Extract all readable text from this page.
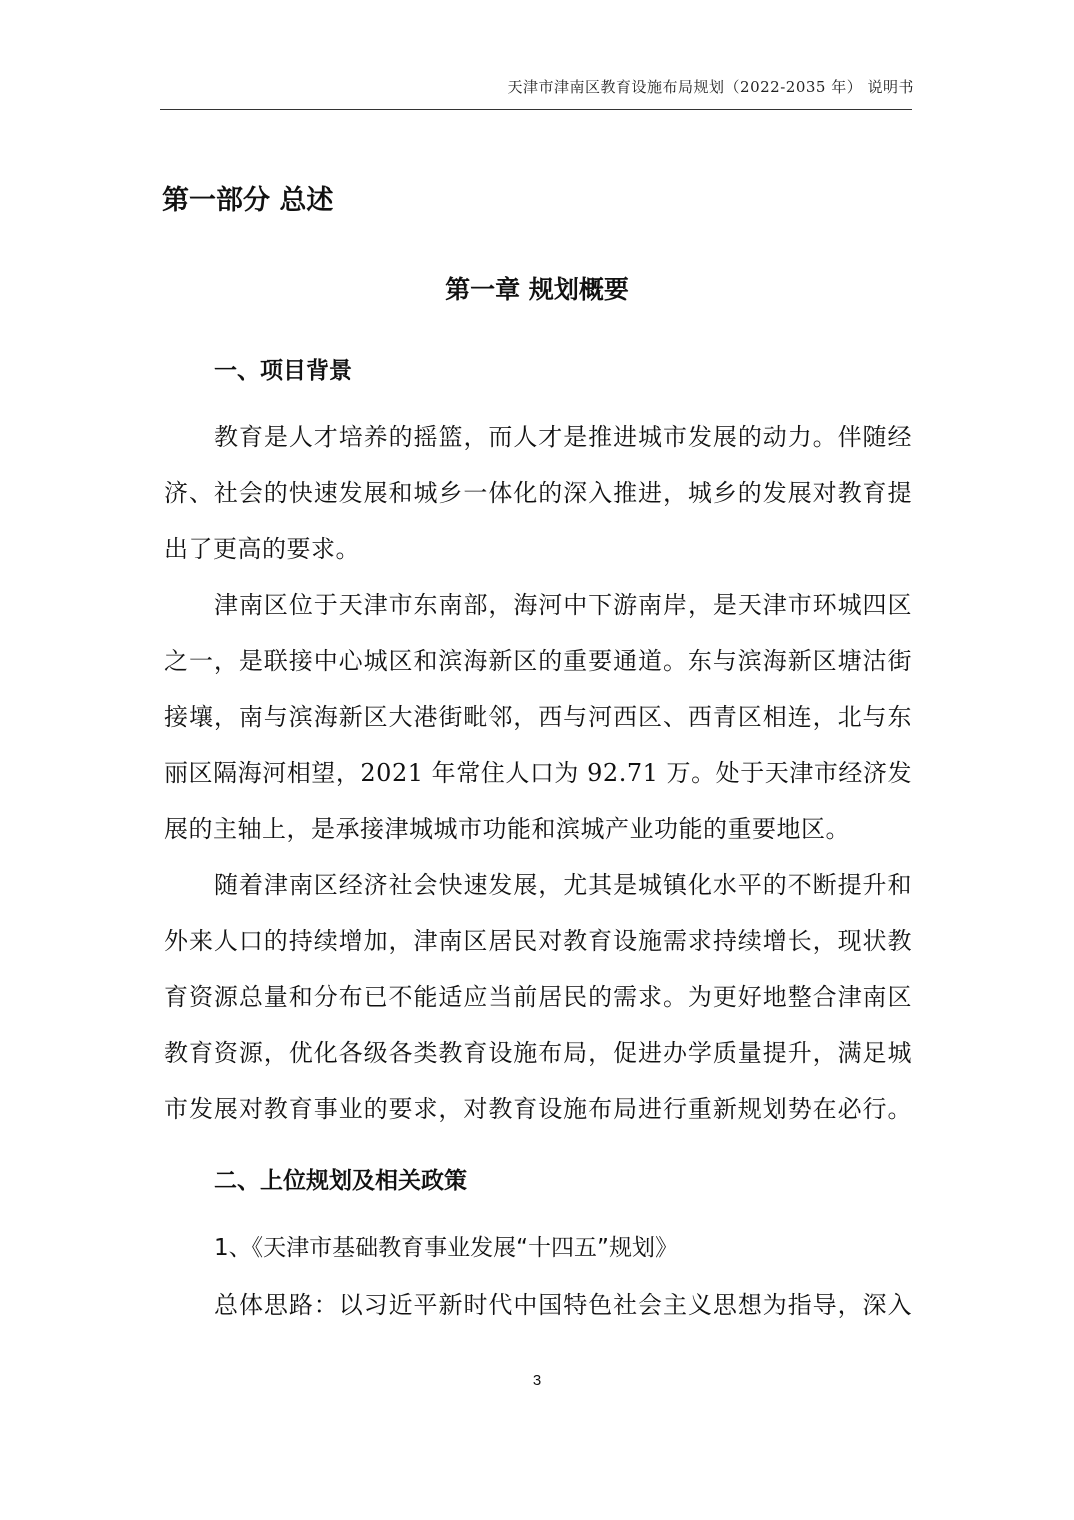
天津市津南区教育设施布局规划（2022-2035 年） 说明书
第一部分 总述
第一章 规划概要
一、项目背景
教育是人才培养的摇篮，而人才是推进城市发展的动力。伴随经
济、社会的快速发展和城乡一体化的深入推进，城乡的发展对教育提
出了更高的要求。
津南区位于天津市东南部，海河中下游南岸，是天津市环城四区
之一，是联接中心城区和滨海新区的重要通道。东与滨海新区塘沽街
接壤，南与滨海新区大港街毗邻，西与河西区、西青区相连，北与东
丽区隔海河相望，2021 年常住人口为 92.71 万。处于天津市经济发
展的主轴上，是承接津城城市功能和滨城产业功能的重要地区。
随着津南区经济社会快速发展，尤其是城镇化水平的不断提升和
外来人口的持续增加，津南区居民对教育设施需求持续增长，现状教
育资源总量和分布已不能适应当前居民的需求。为更好地整合津南区
教育资源，优化各级各类教育设施布局，促进办学质量提升，满足城
市发展对教育事业的要求，对教育设施布局进行重新规划势在必行。
二、上位规划及相关政策
1、《天津市基础教育事业发展“十四五”规划》
总体思路：以习近平新时代中国特色社会主义思想为指导，深入
3
